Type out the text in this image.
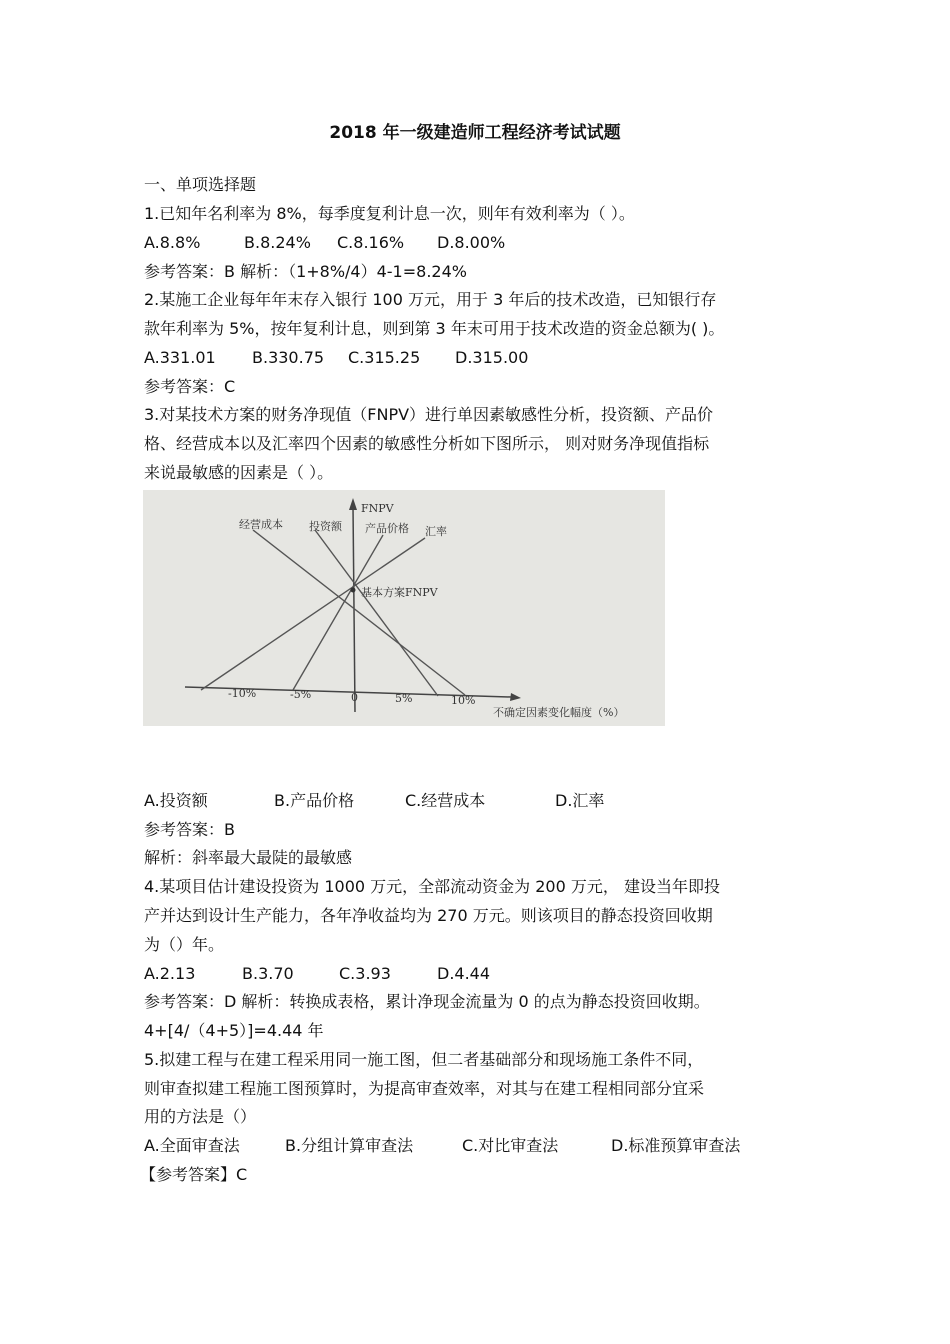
2018 年一级建造师工程经济考试试题
一、单项选择题
1.已知年名利率为 8%，每季度复利计息一次，则年有效利率为（ ）。
A.8.8%	B.8.24% C.8.16% D.8.00%
参考答案：B 解析：（1+8%/4）4-1=8.24%
2.某施工企业每年年末存入银行 100 万元，用于 3 年后的技术改造，已知银行存
款年利率为 5%，按年复利计息，则到第 3 年末可用于技术改造的资金总额为( )。
A.331.01 B.330.75 C.315.25 D.315.00
参考答案：C
3.对某技术方案的财务净现值（FNPV）进行单因素敏感性分析，投资额、产品价
格、经营成本以及汇率四个因素的敏感性分析如下图所示， 则对财务净现值指标
来说最敏感的因素是（ ）。
FNPV
经营成本 投资额 产品价格 汇率
基本方案FNPV
-10%	-5%	0	5%	10%
不确定因素变化幅度（%）
A.投资额	B.产品价格	C.经营成本	D.汇率
参考答案：B
解析：斜率最大最陡的最敏感
4.某项目估计建设投资为 1000 万元，全部流动资金为 200 万元， 建设当年即投
产并达到设计生产能力，各年净收益均为 270 万元。则该项目的静态投资回收期
为（）年。
A.2.13	B.3.70	C.3.93	D.4.44
参考答案：D 解析：转换成表格，累计净现金流量为 0 的点为静态投资回收期。
4+[4/（4+5）]=4.44 年
5.拟建工程与在建工程采用同一施工图，但二者基础部分和现场施工条件不同，
则审查拟建工程施工图预算时，为提高审查效率，对其与在建工程相同部分宜采
用的方法是（）
A.全面审查法	B.分组计算审查法	C.对比审查法	D.标准预算审查法
【参考答案】C
